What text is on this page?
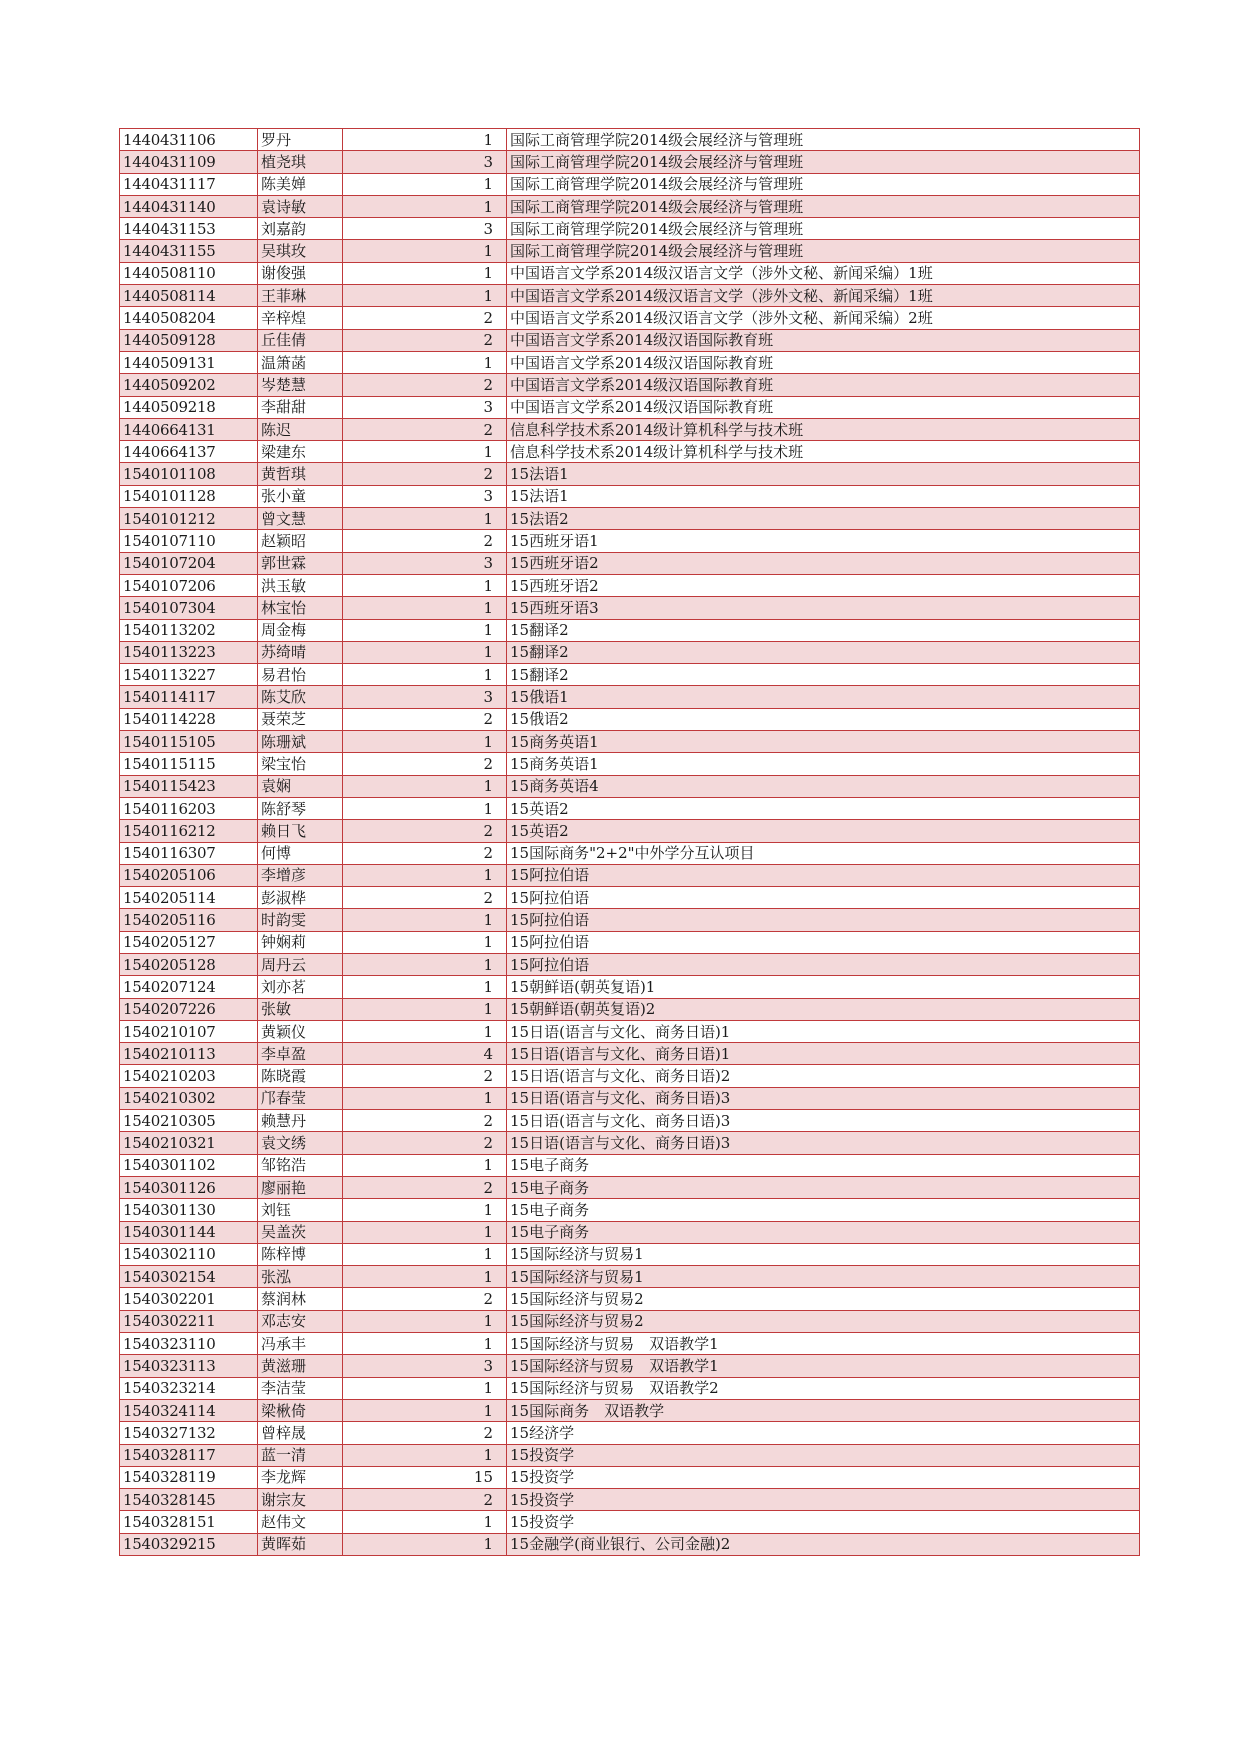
1440431106	罗丹	1	国际工商管理学院2014级会展经济与管理班
1440431109	植尧琪	3	国际工商管理学院2014级会展经济与管理班
1440431117	陈美婵	1	国际工商管理学院2014级会展经济与管理班
1440431140	袁诗敏	1	国际工商管理学院2014级会展经济与管理班
1440431153	刘嘉韵	3	国际工商管理学院2014级会展经济与管理班
1440431155	吴琪玫	1	国际工商管理学院2014级会展经济与管理班
1440508110	谢俊强	1	中国语言文学系2014级汉语言文学（涉外文秘、新闻采编）1班
1440508114	王菲琳	1	中国语言文学系2014级汉语言文学（涉外文秘、新闻采编）1班
1440508204	辛梓煌	2	中国语言文学系2014级汉语言文学（涉外文秘、新闻采编）2班
1440509128	丘佳倩	2	中国语言文学系2014级汉语国际教育班
1440509131	温箫菡	1	中国语言文学系2014级汉语国际教育班
1440509202	岑楚慧	2	中国语言文学系2014级汉语国际教育班
1440509218	李甜甜	3	中国语言文学系2014级汉语国际教育班
1440664131	陈迟	2	信息科学技术系2014级计算机科学与技术班
1440664137	梁建东	1	信息科学技术系2014级计算机科学与技术班
1540101108	黄哲琪	2	15法语1
1540101128	张小童	3	15法语1
1540101212	曾文慧	1	15法语2
1540107110	赵颖昭	2	15西班牙语1
1540107204	郭世霖	3	15西班牙语2
1540107206	洪玉敏	1	15西班牙语2
1540107304	林宝怡	1	15西班牙语3
1540113202	周金梅	1	15翻译2
1540113223	苏绮晴	1	15翻译2
1540113227	易君怡	1	15翻译2
1540114117	陈艾欣	3	15俄语1
1540114228	聂荣芝	2	15俄语2
1540115105	陈珊斌	1	15商务英语1
1540115115	梁宝怡	2	15商务英语1
1540115423	袁娴	1	15商务英语4
1540116203	陈舒琴	1	15英语2
1540116212	赖日飞	2	15英语2
1540116307	何博	2	15国际商务"2+2"中外学分互认项目
1540205106	李增彦	1	15阿拉伯语
1540205114	彭淑桦	2	15阿拉伯语
1540205116	时韵雯	1	15阿拉伯语
1540205127	钟娴莉	1	15阿拉伯语
1540205128	周丹云	1	15阿拉伯语
1540207124	刘亦茗	1	15朝鲜语(朝英复语)1
1540207226	张敏	1	15朝鲜语(朝英复语)2
1540210107	黄颖仪	1	15日语(语言与文化、商务日语)1
1540210113	李卓盈	4	15日语(语言与文化、商务日语)1
1540210203	陈晓霞	2	15日语(语言与文化、商务日语)2
1540210302	邝春莹	1	15日语(语言与文化、商务日语)3
1540210305	赖慧丹	2	15日语(语言与文化、商务日语)3
1540210321	袁文绣	2	15日语(语言与文化、商务日语)3
1540301102	邹铭浩	1	15电子商务
1540301126	廖丽艳	2	15电子商务
1540301130	刘钰	1	15电子商务
1540301144	吴盖茨	1	15电子商务
1540302110	陈梓博	1	15国际经济与贸易1
1540302154	张泓	1	15国际经济与贸易1
1540302201	蔡润林	2	15国际经济与贸易2
1540302211	邓志安	1	15国际经济与贸易2
1540323110	冯承丰	1	15国际经济与贸易　双语教学1
1540323113	黄滋珊	3	15国际经济与贸易　双语教学1
1540323214	李洁莹	1	15国际经济与贸易　双语教学2
1540324114	梁楸倚	1	15国际商务　双语教学
1540327132	曾梓晟	2	15经济学
1540328117	蓝一清	1	15投资学
1540328119	李龙辉	15	15投资学
1540328145	谢宗友	2	15投资学
1540328151	赵伟文	1	15投资学
1540329215	黄晖茹	1	15金融学(商业银行、公司金融)2
